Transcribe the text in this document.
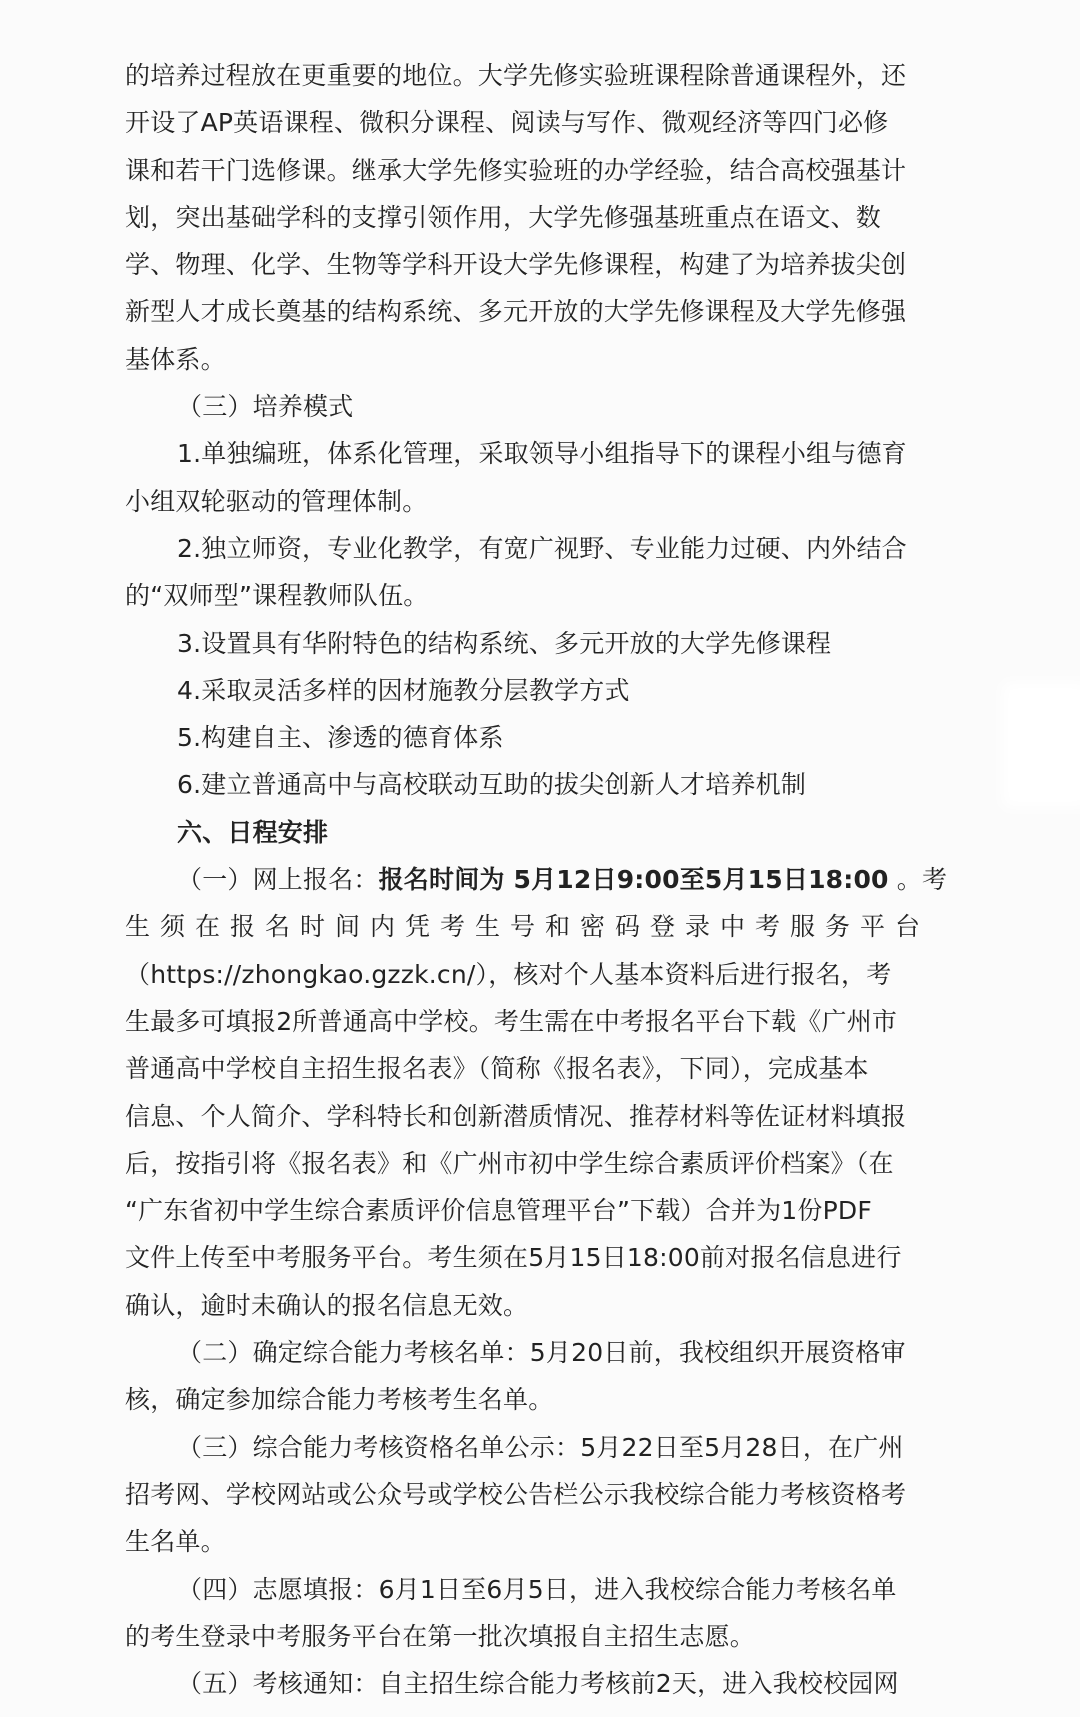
的培养过程放在更重要的地位。大学先修实验班课程除普通课程外，还
开设了AP英语课程、微积分课程、阅读与写作、微观经济等四门必修
课和若干门选修课。继承大学先修实验班的办学经验，结合高校强基计
划，突出基础学科的支撑引领作用，大学先修强基班重点在语文、数
学、物理、化学、生物等学科开设大学先修课程，构建了为培养拔尖创
新型人才成长奠基的结构系统、多元开放的大学先修课程及大学先修强
基体系。
（三）培养模式
1.单独编班，体系化管理，采取领导小组指导下的课程小组与德育
小组双轮驱动的管理体制。
2.独立师资，专业化教学，有宽广视野、专业能力过硬、内外结合
的“双师型”课程教师队伍。
3.设置具有华附特色的结构系统、多元开放的大学先修课程
4.采取灵活多样的因材施教分层教学方式
5.构建自主、渗透的德育体系
6.建立普通高中与高校联动互助的拔尖创新人才培养机制
六、日程安排
（一）网上报名：报名时间为 5月12日9:00至5月15日18:00 。考
生须在报名时间内凭考生号和密码登录中考服务平台
（https://zhongkao.gzzk.cn/），核对个人基本资料后进行报名，考
生最多可填报2所普通高中学校。考生需在中考报名平台下载《广州市
普通高中学校自主招生报名表》（简称《报名表》，下同），完成基本
信息、个人简介、学科特长和创新潜质情况、推荐材料等佐证材料填报
后，按指引将《报名表》和《广州市初中学生综合素质评价档案》（在
“广东省初中学生综合素质评价信息管理平台”下载）合并为1份PDF
文件上传至中考服务平台。考生须在5月15日18:00前对报名信息进行
确认，逾时未确认的报名信息无效。
（二）确定综合能力考核名单：5月20日前，我校组织开展资格审
核，确定参加综合能力考核考生名单。
（三）综合能力考核资格名单公示：5月22日至5月28日，在广州
招考网、学校网站或公众号或学校公告栏公示我校综合能力考核资格考
生名单。
（四）志愿填报：6月1日至6月5日，进入我校综合能力考核名单
的考生登录中考服务平台在第一批次填报自主招生志愿。
（五）考核通知：自主招生综合能力考核前2天，进入我校校园网
